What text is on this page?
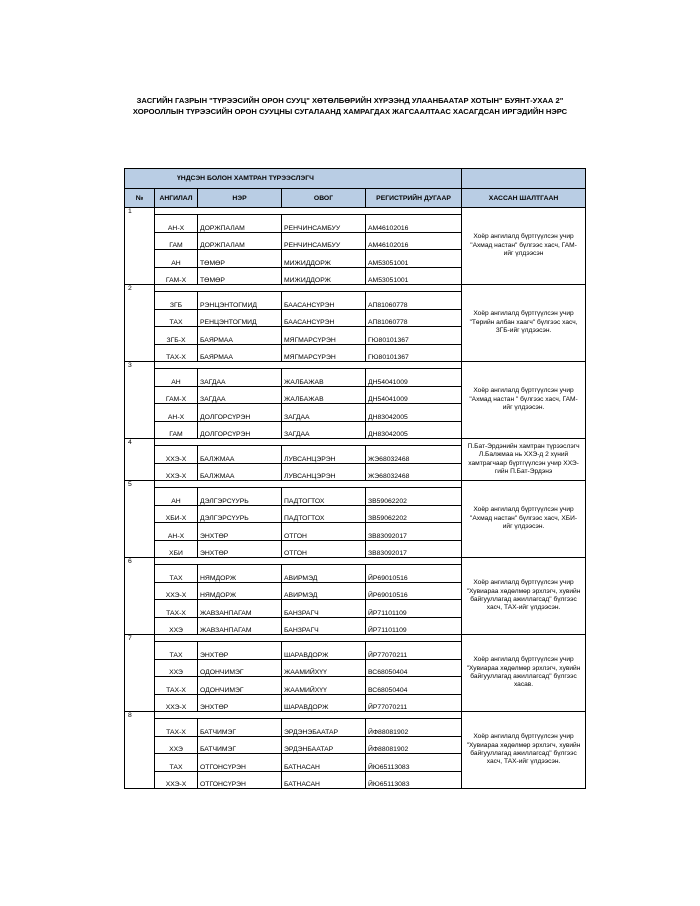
ЗАСГИЙН ГАЗРЫН "ТҮРЭЭСИЙН ОРОН СУУЦ" ХӨТӨЛБӨРИЙН ХҮРЭЭНД УЛААНБААТАР ХОТЫН" БУЯНТ-УХАА 2"
ХОРООЛЛЫН ТҮРЭЭСИЙН ОРОН СУУЦНЫ СУГАЛААНД ХАМРАГДАХ ЖАГСААЛТААС ХАСАГДСАН ИРГЭДИЙН НЭРС
ҮНДСЭН БОЛОН ХАМТРАН ТҮРЭЭСЛЭГЧ					
№	АНГИЛАЛ	НЭР	ОВОГ	РЕГИСТРИЙН ДУГААР	ХАССАН ШАЛТГААН
1					Хоёр ангилалд бүртгүүлсэн учир "Ахмад настан" бүлгээс хасч, ГАМ-ийг үлдээсэн
	АН-Х	ДОРЖПАЛАМ	РЕНЧИНСАМБУУ	АМ46102016	
	ГАМ	ДОРЖПАЛАМ	РЕНЧИНСАМБУУ	АМ46102016	
	АН	ТӨМӨР	МИЖИДДОРЖ	АМ53051001	
	ГАМ-Х	ТӨМӨР	МИЖИДДОРЖ	АМ53051001	
2					Хоёр ангилалд бүртгүүлсэн учир "Төрийн албан хаагч" бүлгээс хасч, ЗГБ-ийг үлдээсэн.
	ЗГБ	РЭНЦЭНТОГМИД	БААСАНСҮРЭН	АП81060778	
	ТАХ	РЕНЦЭНТОГМИД	БААСАНСҮРЭН	АП81060778	
	ЗГБ-Х	БАЯРМАА	МЯГМАРСҮРЭН	ГЮ80101367	
	ТАХ-Х	БАЯРМАА	МЯГМАРСҮРЭН	ГЮ80101367	
3					Хоёр ангилалд бүртгүүлсэн учир "Ахмад настан " бүлгээс хасч, ГАМ-ийг үлдээсэн.
	АН	ЗАГДАА	ЖАЛБАЖАВ	ДН54041009	
	ГАМ-Х	ЗАГДАА	ЖАЛБАЖАВ	ДН54041009	
	АН-Х	ДОЛГОРСҮРЭН	ЗАГДАА	ДН83042005	
	ГАМ	ДОЛГОРСҮРЭН	ЗАГДАА	ДН83042005	
4					П.Бат-Эрдэнийн хамтран түрээслэгч Л.Балжмаа нь ХХЭ-д 2 хүний хамтрагчаар бүртгүүлсэн учир ХХЭ-гийн П.Бат-Эрдэнэ
	ХХЭ-Х	БАЛЖМАА	ЛУВСАНЦЭРЭН	ЖЭ68032468	
	ХХЭ-Х	БАЛЖМАА	ЛУВСАНЦЭРЭН	ЖЭ68032468	
5					Хоёр ангилалд бүртгүүлсэн учир "Ахмад настан" бүлгээс хасч, ХБИ-ийг үлдээсэн.
	АН	ДЭЛГЭРСҮУРЬ	ПАДТОГТОХ	ЗВ59062202	
	ХБИ-Х	ДЭЛГЭРСҮУРЬ	ПАДТОГТОХ	ЗВ59062202	
	АН-Х	ЭНХТӨР	ОТГОН	ЗВ83092017	
	ХБИ	ЭНХТӨР	ОТГОН	ЗВ83092017	
6					Хоёр ангилалд бүртгүүлсэн учир "Хувиараа хөдөлмөр эрхлэгч, хувийн байгууллагад ажиллагсад" бүлгээс хасч, ТАХ-ийг үлдээсэн.
	ТАХ	НЯМДОРЖ	АВИРМЭД	ЙР69010516	
	ХХЭ-Х	НЯМДОРЖ	АВИРМЭД	ЙР69010516	
	ТАХ-Х	ЖАВЗАНПАГАМ	БАНЗРАГЧ	ЙР71101109	
	ХХЭ	ЖАВЗАНПАГАМ	БАНЗРАГЧ	ЙР71101109	
7					Хоёр ангилалд бүртгүүлсэн учир "Хувиараа хөдөлмөр эрхлэгч, хувийн байгууллагад ажиллагсад" бүлгээс хасав.
	ТАХ	ЭНХТӨР	ШАРАВДОРЖ	ЙР77070211	
	ХХЭ	ОДОНЧИМЭГ	ЖААМИЙХҮҮ	ВС68050404	
	ТАХ-Х	ОДОНЧИМЭГ	ЖААМИЙХҮҮ	ВС68050404	
	ХХЭ-Х	ЭНХТӨР	ШАРАВДОРЖ	ЙР77070211	
8					Хоёр ангилалд бүртгүүлсэн учир "Хувиараа хөдөлмөр эрхлэгч, хувийн байгууллагад ажиллагсад" бүлгээс хасч, ТАХ-ийг үлдээсэн.
	ТАХ-Х	БАТЧИМЭГ	ЭРДЭНЭБААТАР	ЙФ88081902	
	ХХЭ	БАТЧИМЭГ	ЭРДЭНБААТАР	ЙФ88081902	
	ТАХ	ОТГОНСҮРЭН	БАТНАСАН	ЙЮ65113083	
	ХХЭ-Х	ОТГОНСҮРЭН	БАТНАСАН	ЙЮ65113083	
